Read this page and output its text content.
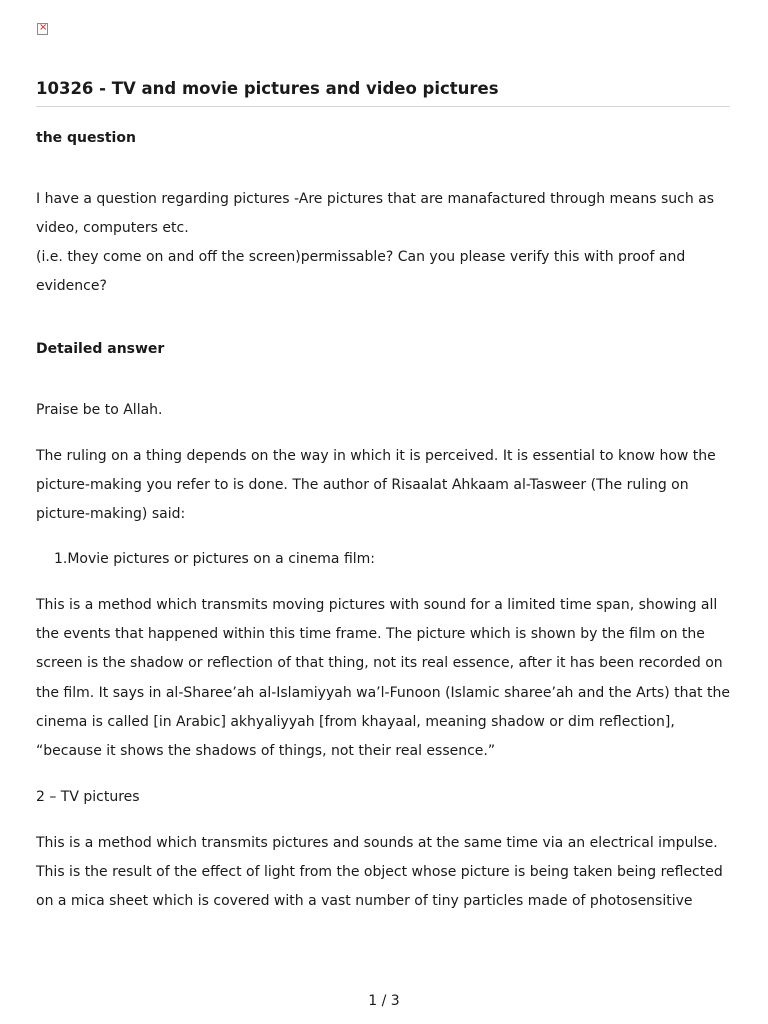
×
10326 - TV and movie pictures and video pictures
the question

I have a question regarding pictures -Are pictures that are manafactured through means such as video, computers etc.

(i.e. they come on and off the screen)permissable? Can you please verify this with proof and evidence?

Detailed answer

Praise be to Allah.

The ruling on a thing depends on the way in which it is perceived. It is essential to know how the picture-making you refer to is done. The author of Risaalat Ahkaam al-Tasweer (The ruling on picture-making) said:

1.Movie pictures or pictures on a cinema film:

This is a method which transmits moving pictures with sound for a limited time span, showing all the events that happened within this time frame. The picture which is shown by the film on the screen is the shadow or reflection of that thing, not its real essence, after it has been recorded on the film. It says in al-Sharee’ah al-Islamiyyah wa’l-Funoon (Islamic sharee’ah and the Arts) that the cinema is called [in Arabic] akhyaliyyah [from khayaal, meaning shadow or dim reflection], “because it shows the shadows of things, not their real essence.”

2 – TV pictures

This is a method which transmits pictures and sounds at the same time via an electrical impulse. This is the result of the effect of light from the object whose picture is being taken being reflected on a mica sheet which is covered with a vast number of tiny particles made of photosensitive

1 / 3
